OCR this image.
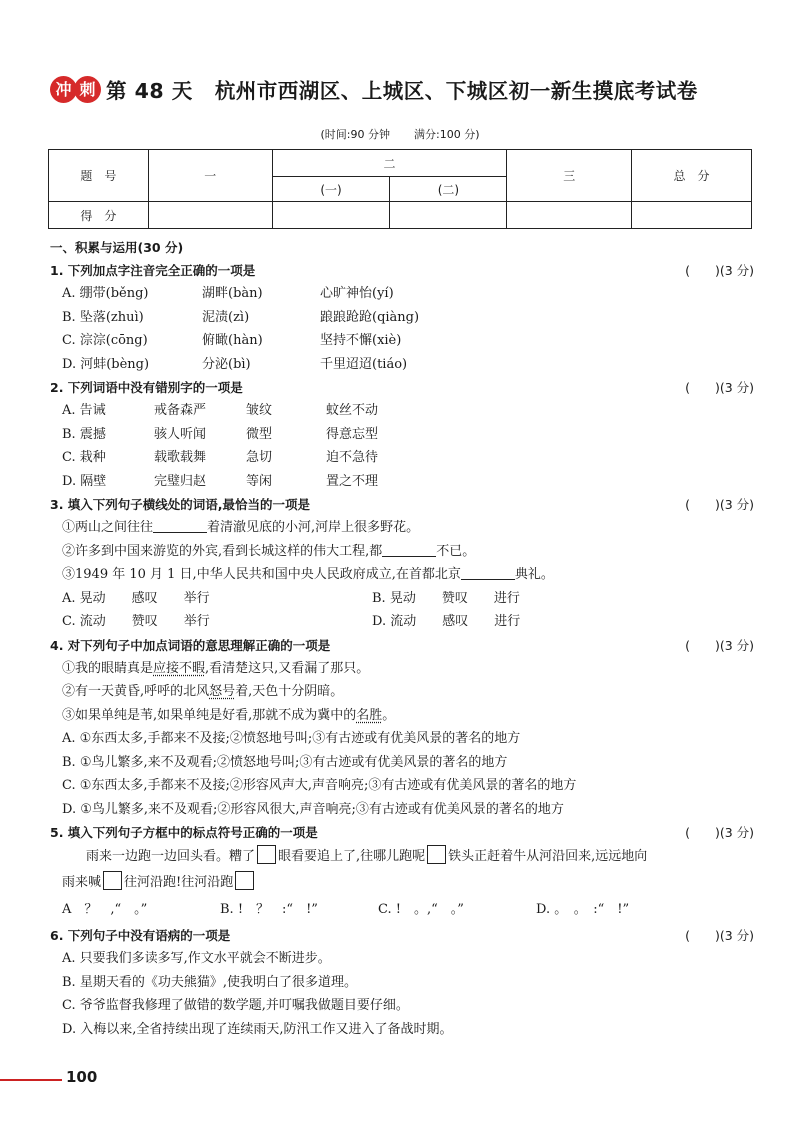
冲 刺 第 48 天 杭州市西湖区、上城区、下城区初一新生摸底考试卷
(时间:90 分钟 满分:100 分)
题　号	一	二		三	总　分
		(一)	(二)		
得　分					
一、积累与运用(30 分)
1. 下列加点字注音完全正确的一项是	(　　)(3 分)
A. 绷带(běng)	湖畔(bàn)	心旷神怡(yí)
B. 坠落(zhuì)	泥渍(zì)	踉踉跄跄(qiàng)
C. 淙淙(cōng)	俯瞰(hàn)	坚持不懈(xiè)
D. 河蚌(bèng)	分泌(bì)	千里迢迢(tiáo)
2. 下列词语中没有错别字的一项是	(　　)(3 分)
A. 告诫	戒备森严	皱纹	蚊丝不动
B. 震撼	骇人听闻	微型	得意忘型
C. 栽种	载歌载舞	急切	迫不急待
D. 隔壁	完璧归赵	等闲	置之不理
3. 填入下列句子横线处的词语,最恰当的一项是	(　　)(3 分)
①两山之间往往	着清澈见底的小河,河岸上很多野花。
②许多到中国来游览的外宾,看到长城这样的伟大工程,都	不已。
③1949 年 10 月 1 日,中华人民共和国中央人民政府成立,在首都北京	典礼。
A. 晃动　　感叹　　举行	B. 晃动　　赞叹　　进行
C. 流动　　赞叹　　举行	D. 流动　　感叹　　进行
4. 对下列句子中加点词语的意思理解正确的一项是	(　　)(3 分)
①我的眼睛真是应接不暇,看清楚这只,又看漏了那只。
②有一天黄昏,呼呼的北风怒号着,天色十分阴暗。
③如果单纯是苇,如果单纯是好看,那就不成为冀中的名胜。
A. ①东西太多,手都来不及接;②愤怒地号叫;③有古迹或有优美风景的著名的地方
B. ①鸟儿繁多,来不及观看;②愤怒地号叫;③有古迹或有优美风景的著名的地方
C. ①东西太多,手都来不及接;②形容风声大,声音响亮;③有古迹或有优美风景的著名的地方
D. ①鸟儿繁多,来不及观看;②形容风很大,声音响亮;③有古迹或有优美风景的著名的地方
5. 填入下列句子方框中的标点符号正确的一项是	(　　)(3 分)
雨来一边跑一边回头看。糟了 眼看要追上了,往哪儿跑呢 铁头正赶着牛从河沿回来,远远地向
雨来喊 往河沿跑!往河沿跑
A　？　,“　。”	B. !　？　:“　!”	C. !　。,“　。”	D. 。　。　:“　!”
6. 下列句子中没有语病的一项是	(　　)(3 分)
A. 只要我们多读多写,作文水平就会不断进步。
B. 星期天看的《功夫熊猫》,使我明白了很多道理。
C. 爷爷监督我修理了做错的数学题,并叮嘱我做题目要仔细。
D. 入梅以来,全省持续出现了连续雨天,防汛工作又进入了备战时期。
100
